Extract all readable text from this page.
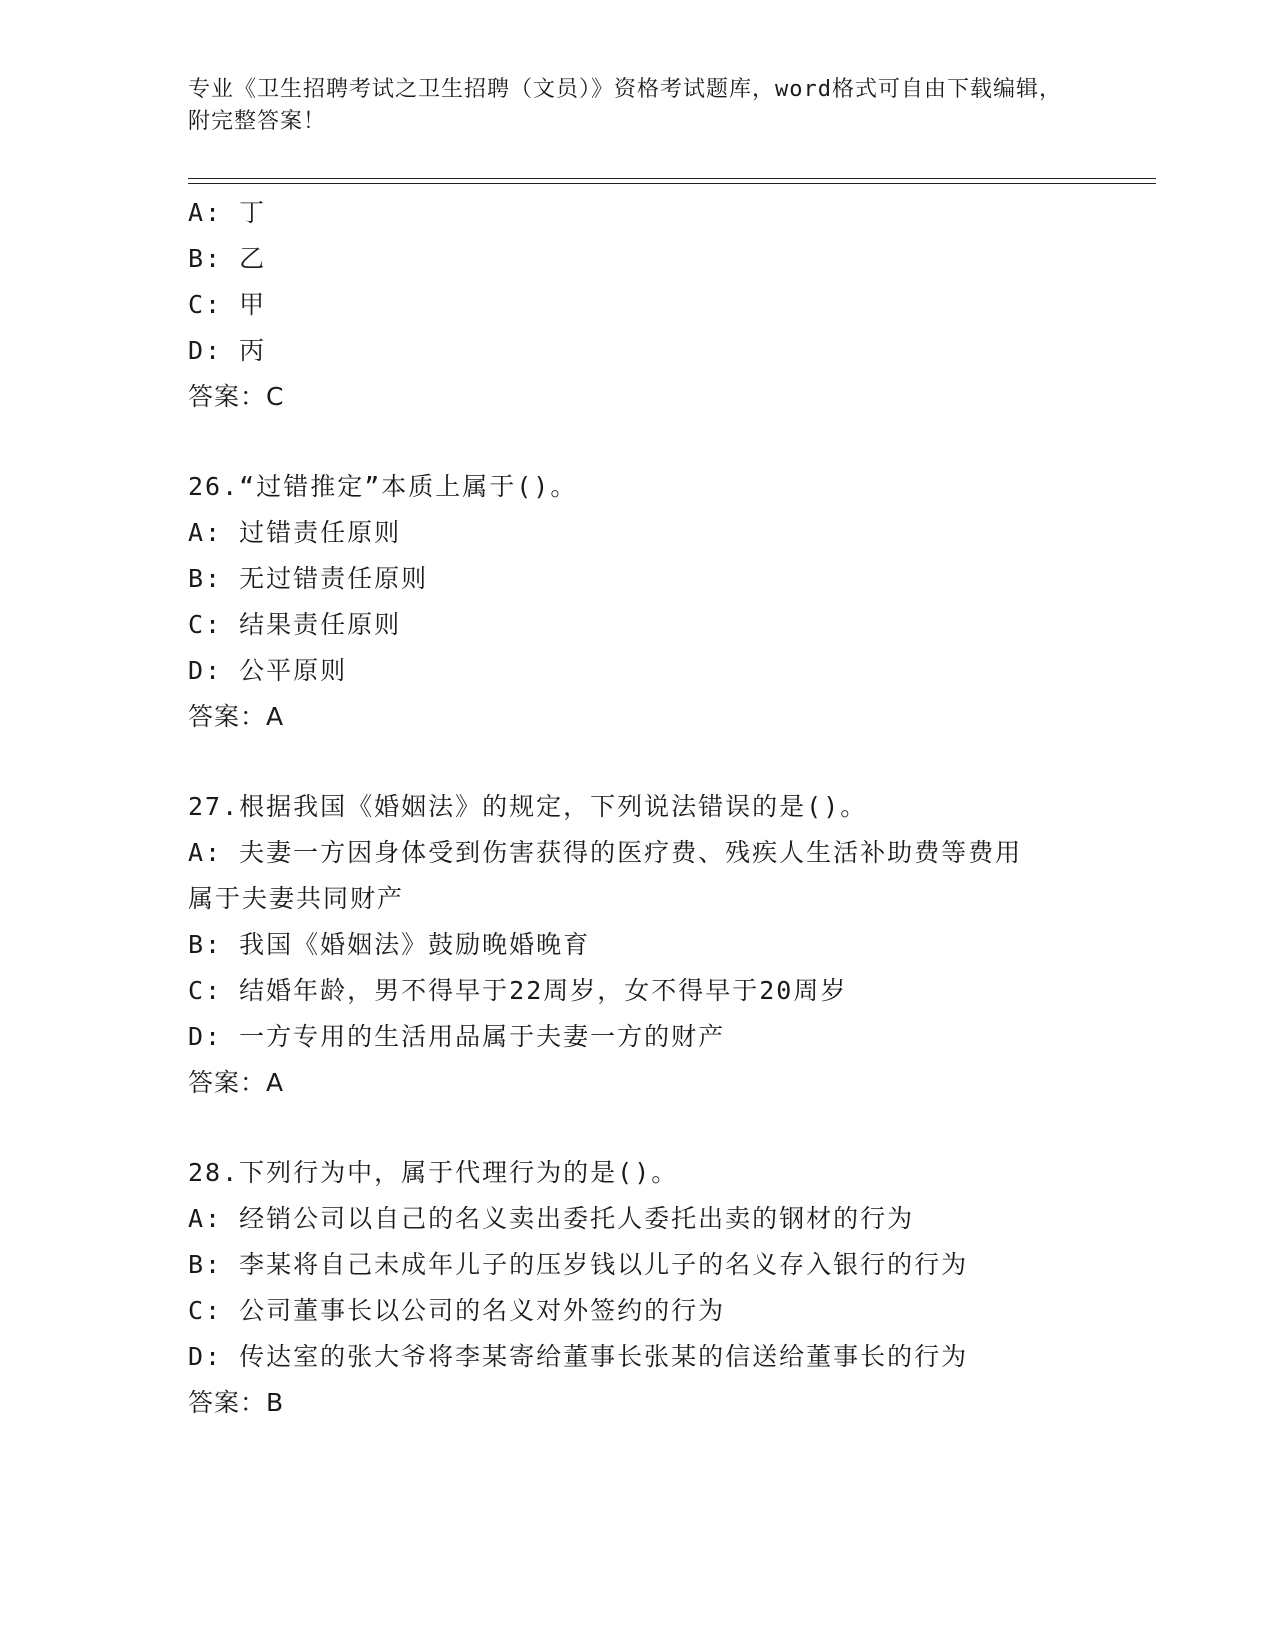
专业《卫生招聘考试之卫生招聘（文员）》资格考试题库，word格式可自由下载编辑，附完整答案！
A: 丁
B: 乙
C: 甲
D: 丙
答案：C
26.“过错推定”本质上属于()。
A: 过错责任原则
B: 无过错责任原则
C: 结果责任原则
D: 公平原则
答案：A
27.根据我国《婚姻法》的规定，下列说法错误的是()。
A: 夫妻一方因身体受到伤害获得的医疗费、残疾人生活补助费等费用属于夫妻共同财产
B: 我国《婚姻法》鼓励晚婚晚育
C: 结婚年龄，男不得早于22周岁，女不得早于20周岁
D: 一方专用的生活用品属于夫妻一方的财产
答案：A
28.下列行为中，属于代理行为的是()。
A: 经销公司以自己的名义卖出委托人委托出卖的钢材的行为
B: 李某将自己未成年儿子的压岁钱以儿子的名义存入银行的行为
C: 公司董事长以公司的名义对外签约的行为
D: 传达室的张大爷将李某寄给董事长张某的信送给董事长的行为
答案：B
